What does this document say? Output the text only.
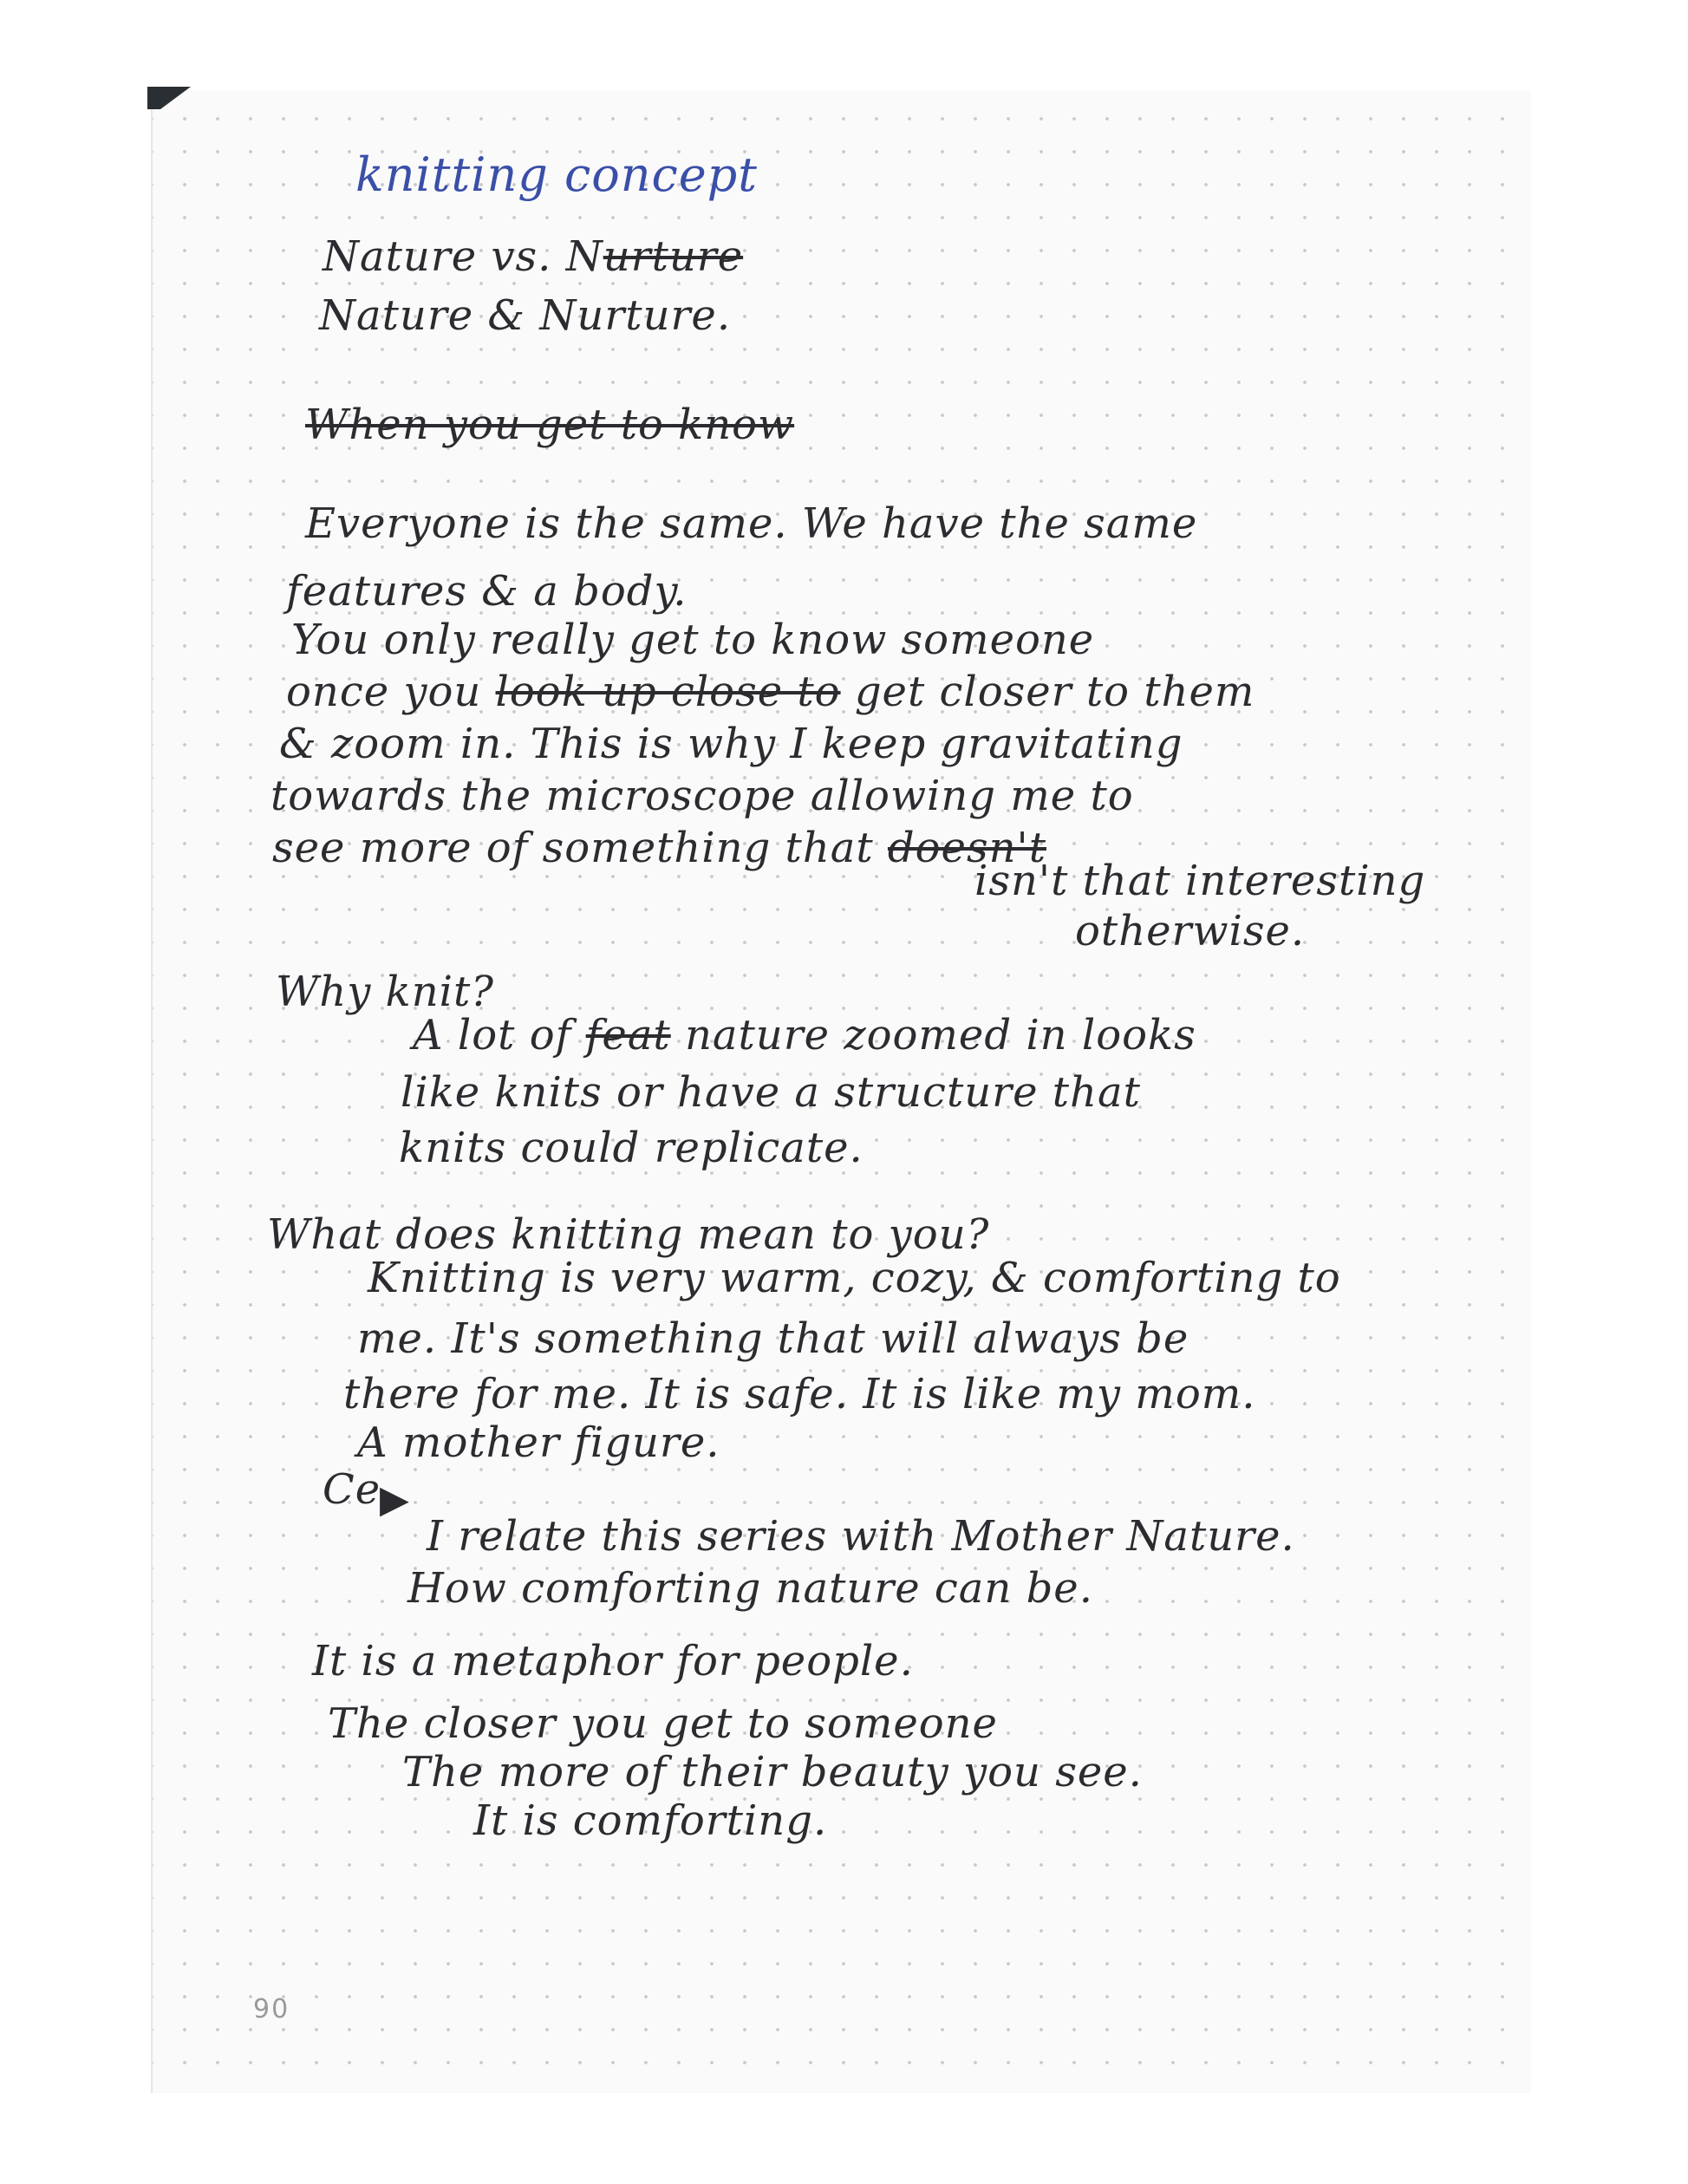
knitting concept
Nature vs. Nurture
Nature & Nurture.
When you get to know
Everyone is the same. We have the same
features & a body.
You only really get to know someone
once you look up close to get closer to them
& zoom in. This is why I keep gravitating
towards the microscope allowing me to
see more of something that doesn't
isn't that interesting
otherwise.
Why knit?
A lot of feat nature zoomed in looks
like knits or have a structure that
knits could replicate.
What does knitting mean to you?
Knitting is very warm, cozy, & comforting to
me. It's something that will always be
there for me. It is safe. It is like my mom.
A mother figure.
Ce
▶
I relate this series with Mother Nature.
How comforting nature can be.
It is a metaphor for people.
The closer you get to someone
The more of their beauty you see.
It is comforting.
90
